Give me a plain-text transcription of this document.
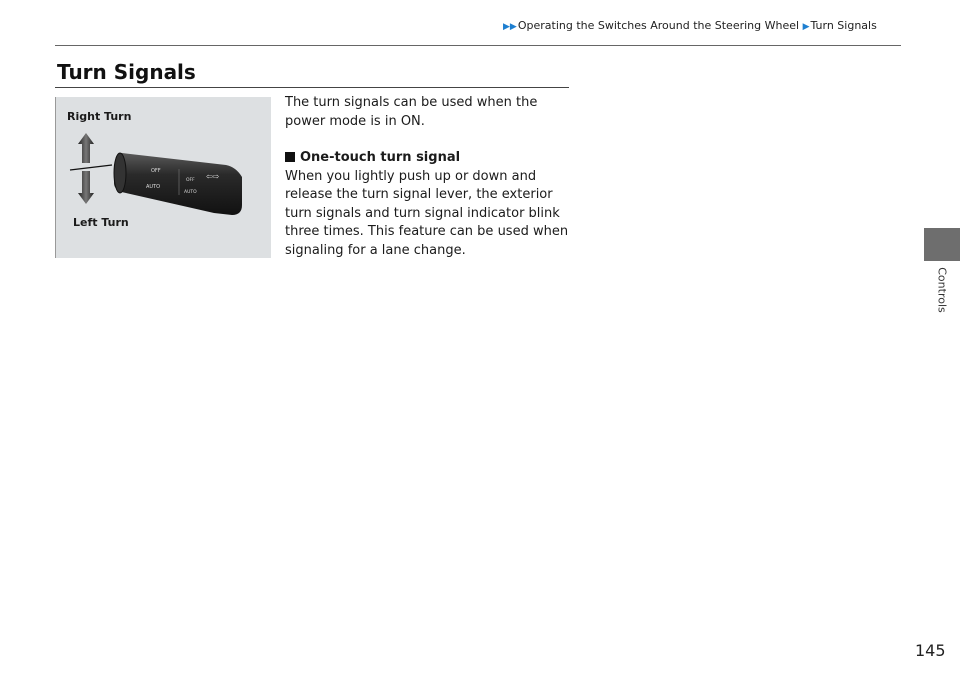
▶▶Operating the Switches Around the Steering Wheel ▶Turn Signals
Turn Signals
OFF
AUTO
OFF
AUTO
⇦⇨
Right Turn
Left Turn

The turn signals can be used when the power mode is in ON.

One-touch turn signal

When you lightly push up or down and release the turn signal lever, the exterior turn signals and turn signal indicator blink three times. This feature can be used when signaling for a lane change.

Controls
145
